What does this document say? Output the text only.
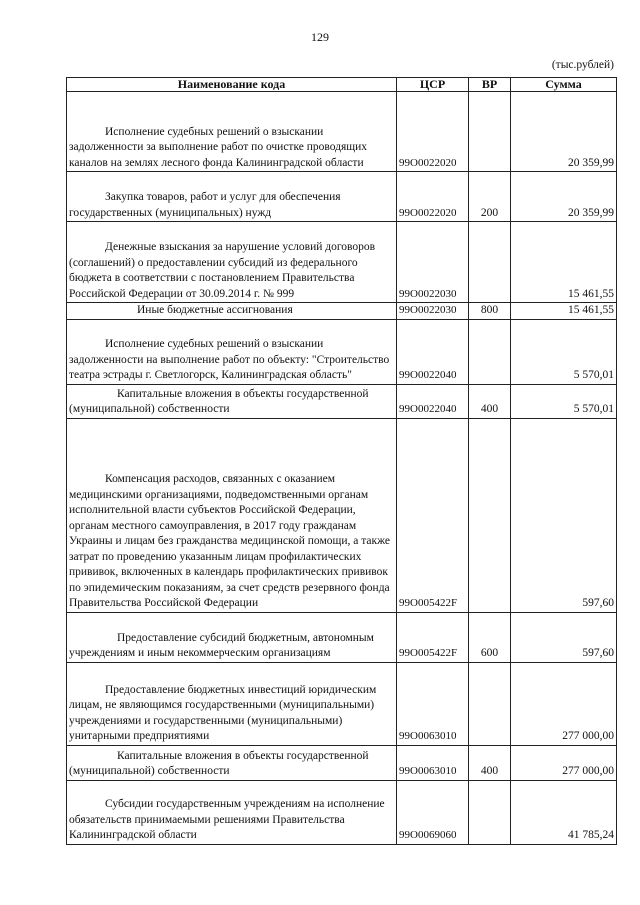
129
(тыс.рублей)
Наименование кода	ЦСР	ВР	Сумма

Исполнение судебных решений о взыскании задолженности за выполнение работ по очистке проводящих каналов на землях лесного фонда Калининградской области	99О0022020		20 359,99

Закупка товаров, работ и услуг для обеспечения государственных (муниципальных) нужд	99О0022020	200	20 359,99

Денежные взыскания за нарушение условий договоров (соглашений) о предоставлении субсидий из федерального бюджета в соответствии с постановлением Правительства Российской Федерации от 30.09.2014 г. № 999	99О0022030		15 461,55

Иные бюджетные ассигнования	99О0022030	800	15 461,55

Исполнение судебных решений о взыскании задолженности на выполнение работ по объекту: "Строительство театра эстрады г. Светлогорск, Калининградская область"	99О0022040		5 570,01

Капитальные вложения в объекты государственной (муниципальной) собственности	99О0022040	400	5 570,01

Компенсация расходов, связанных с оказанием медицинскими организациями, подведомственными органам исполнительной власти субъектов Российской Федерации, органам местного самоуправления, в 2017 году гражданам Украины и лицам без гражданства медицинской помощи, а также затрат по проведению указанным лицам профилактических прививок, включенных в календарь профилактических прививок по эпидемическим показаниям, за счет средств резервного фонда Правительства Российской Федерации	99О005422F		597,60

Предоставление субсидий бюджетным, автономным учреждениям и иным некоммерческим организациям	99О005422F	600	597,60

Предоставление бюджетных инвестиций юридическим лицам, не являющимся государственными (муниципальными) учреждениями и государственными (муниципальными) унитарными предприятиями	99О0063010		277 000,00

Капитальные вложения в объекты государственной (муниципальной) собственности	99О0063010	400	277 000,00

Субсидии государственным учреждениям на исполнение обязательств принимаемыми решениями Правительства Калининградской области	99О0069060		41 785,24
